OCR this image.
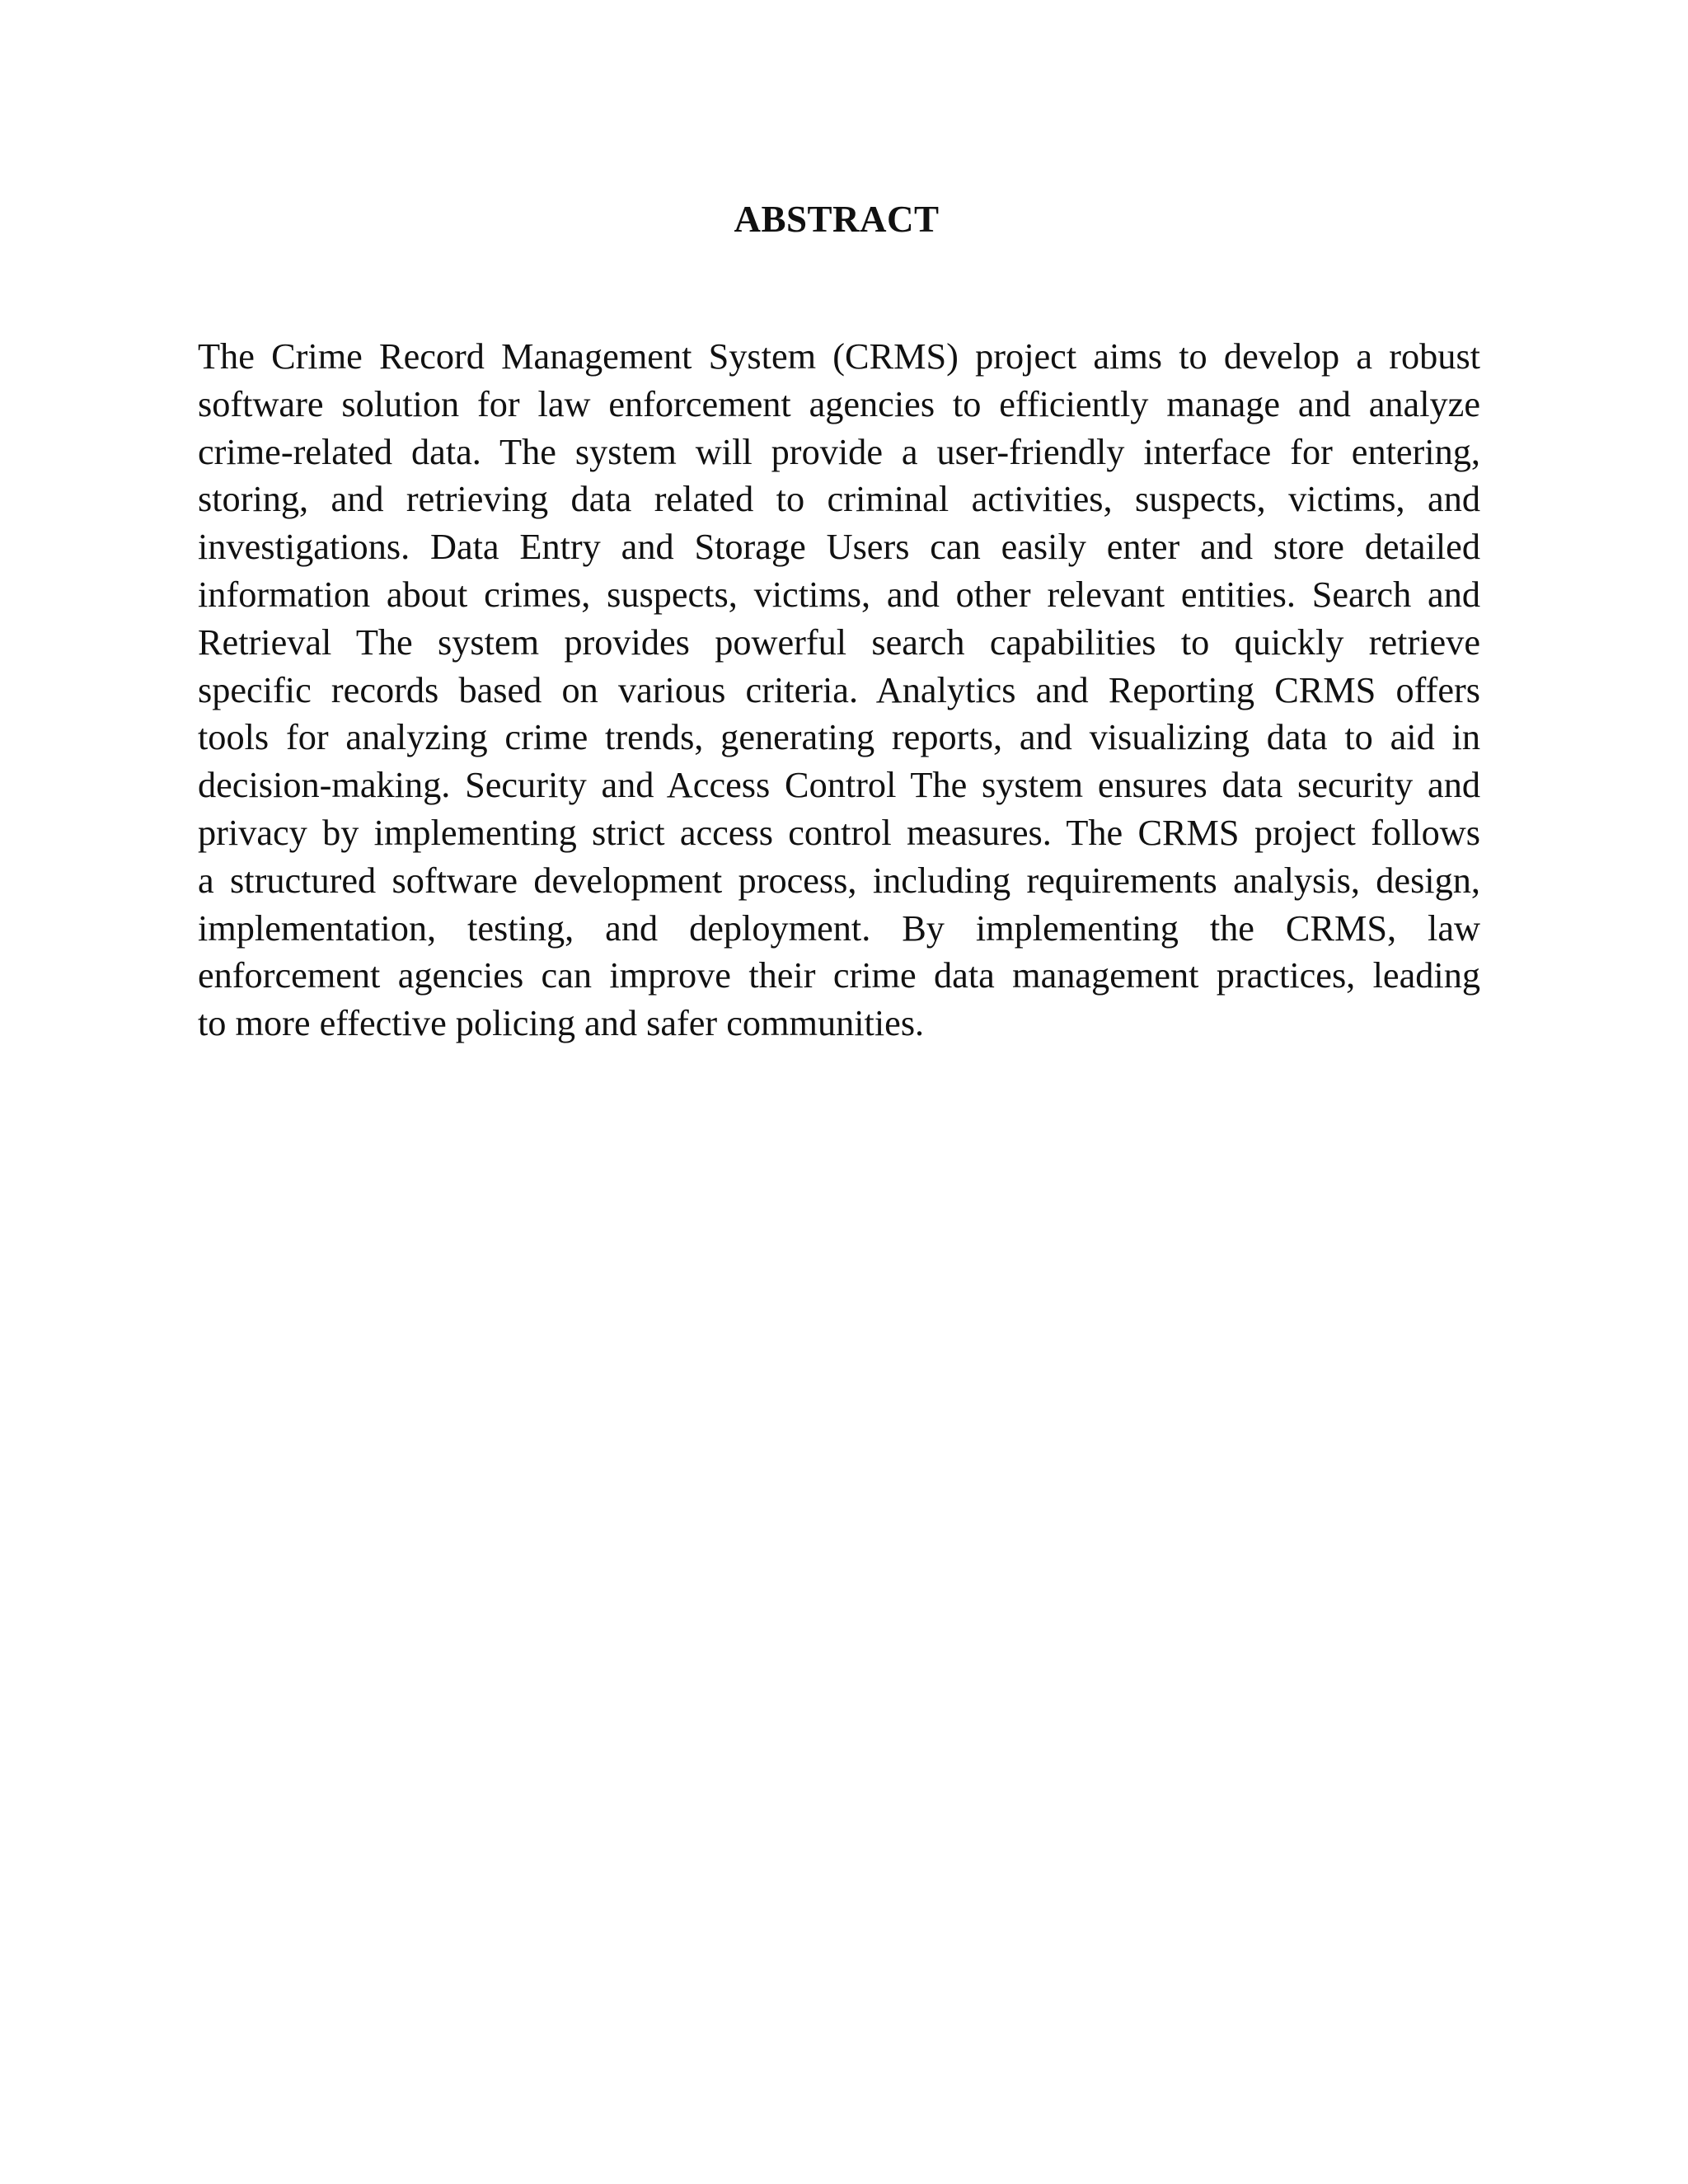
ABSTRACT
The Crime Record Management System (CRMS) project aims to develop a robust
software solution for law enforcement agencies to efficiently manage and analyze
crime-related data. The system will provide a user-friendly interface for entering,
storing, and retrieving data related to criminal activities, suspects, victims, and
investigations. Data Entry and Storage Users can easily enter and store detailed
information about crimes, suspects, victims, and other relevant entities. Search and
Retrieval The system provides powerful search capabilities to quickly retrieve
specific records based on various criteria. Analytics and Reporting CRMS offers
tools for analyzing crime trends, generating reports, and visualizing data to aid in
decision-making. Security and Access Control The system ensures data security and
privacy by implementing strict access control measures. The CRMS project follows
a structured software development process, including requirements analysis, design,
implementation, testing, and deployment. By implementing the CRMS, law
enforcement agencies can improve their crime data management practices, leading
to more effective policing and safer communities.
